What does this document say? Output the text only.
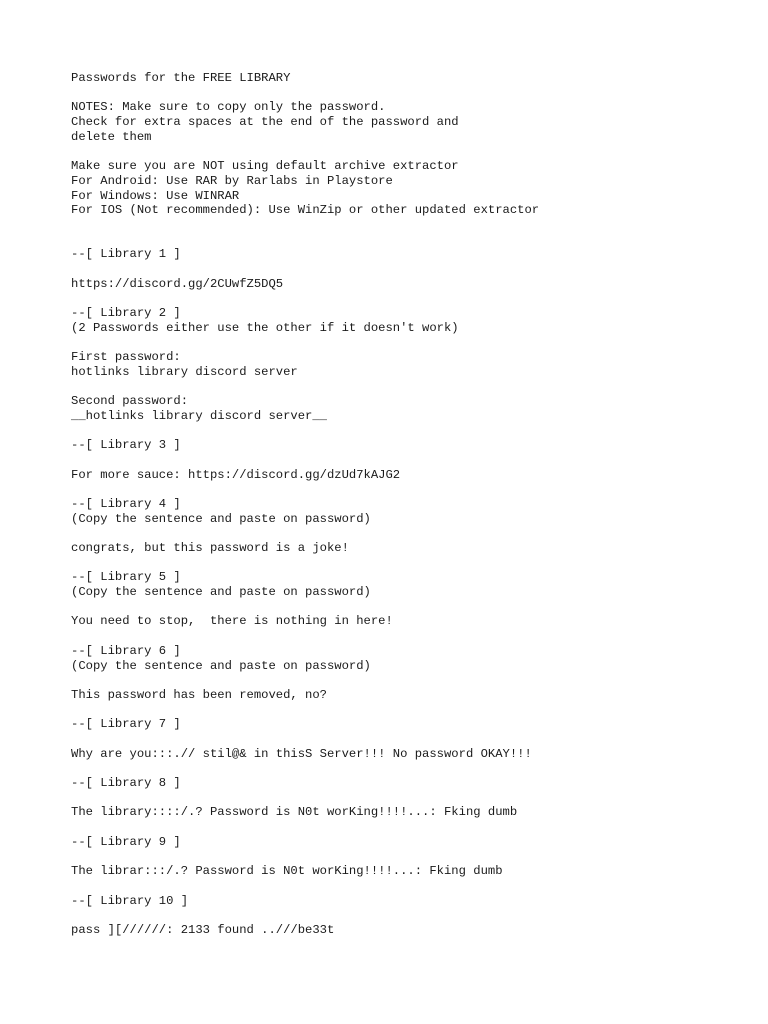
Passwords for the FREE LIBRARY
NOTES: Make sure to copy only the password.
Check for extra spaces at the end of the password and
delete them
Make sure you are NOT using default archive extractor
For Android: Use RAR by Rarlabs in Playstore
For Windows: Use WINRAR
For IOS (Not recommended): Use WinZip or other updated extractor
--[ Library 1 ]
https://discord.gg/2CUwfZ5DQ5
--[ Library 2 ]
(2 Passwords either use the other if it doesn't work)
First password:
hotlinks library discord server
Second password:
__hotlinks library discord server__
--[ Library 3 ]
For more sauce: https://discord.gg/dzUd7kAJG2
--[ Library 4 ]
(Copy the sentence and paste on password)
congrats, but this password is a joke!
--[ Library 5 ]
(Copy the sentence and paste on password)
You need to stop,  there is nothing in here!
--[ Library 6 ]
(Copy the sentence and paste on password)
This password has been removed, no?
--[ Library 7 ]
Why are you:::.// stil@& in thisS Server!!! No password OKAY!!!
--[ Library 8 ]
The library::::/.? Password is N0t worKing!!!!...: Fking dumb
--[ Library 9 ]
The librar:::/.? Password is N0t worKing!!!!...: Fking dumb
--[ Library 10 ]
pass ][//////: 2133 found ..///be33t
